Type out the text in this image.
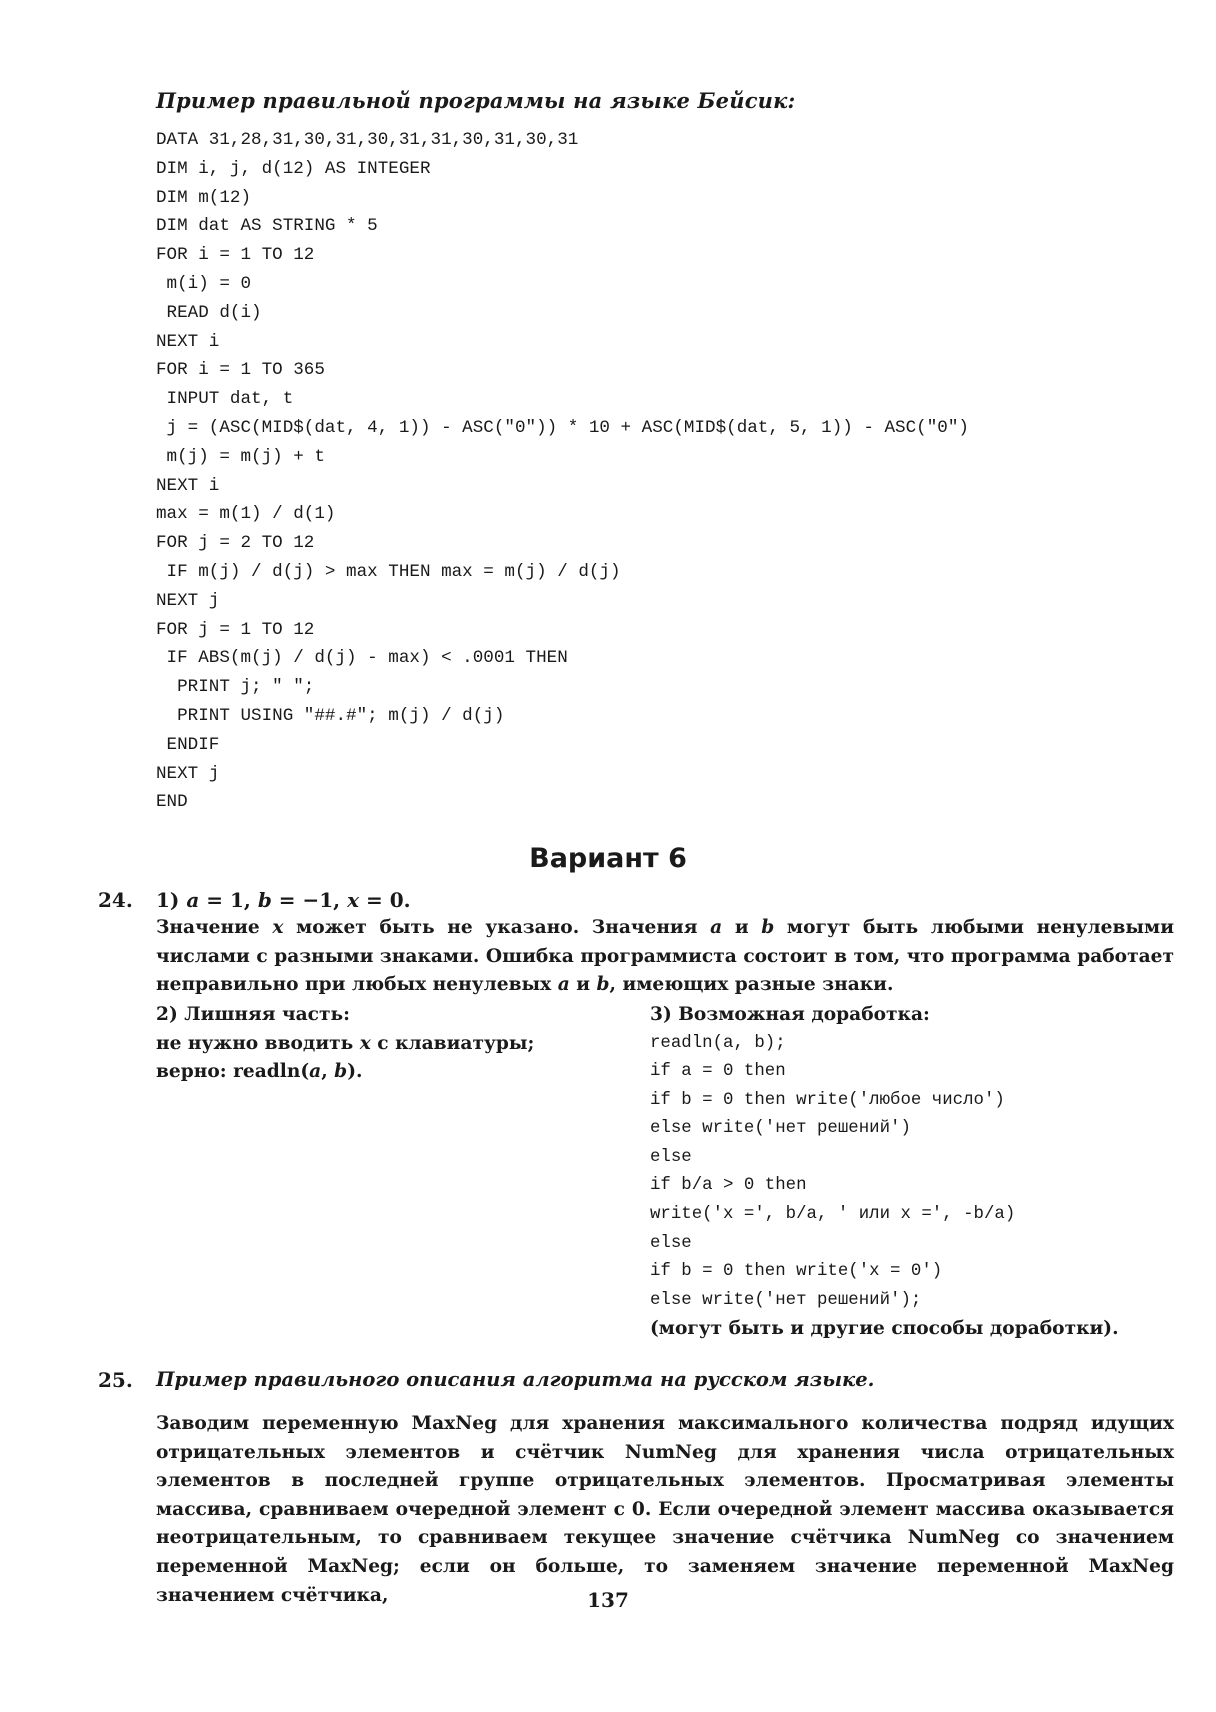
Пример правильной программы на языке Бейсик:
DATA 31,28,31,30,31,30,31,31,30,31,30,31
DIM i, j, d(12) AS INTEGER
DIM m(12)
DIM dat AS STRING * 5
FOR i = 1 TO 12
m(i) = 0
READ d(i)
NEXT i
FOR i = 1 TO 365
INPUT dat, t
j = (ASC(MID$(dat, 4, 1)) - ASC("0")) * 10 + ASC(MID$(dat, 5, 1)) - ASC("0")
m(j) = m(j) + t
NEXT i
max = m(1) / d(1)
FOR j = 2 TO 12
IF m(j) / d(j) > max THEN max = m(j) / d(j)
NEXT j
FOR j = 1 TO 12
IF ABS(m(j) / d(j) - max) < .0001 THEN
PRINT j; " ";
PRINT USING "##.#"; m(j) / d(j)
ENDIF
NEXT j
END
Вариант 6
24. 1) a = 1, b = −1, x = 0.

Значение x может быть не указано. Значения a и b могут быть любыми ненулевыми числами с разными знаками. Ошибка программиста состоит в том, что программа работает неправильно при любых ненулевых a и b, имеющих разные знаки.

2) Лишняя часть:
не нужно вводить x с клавиатуры;
верно: readln(a, b).
3) Возможная доработка:
readln(a, b);
if a = 0 then
if b = 0 then write('любое число')
else write('нет решений')
else
if b/a > 0 then
write('x =', b/a, ' или x =', -b/a)
else
if b = 0 then write('x = 0')
else write('нет решений');
(могут быть и другие способы доработки).
25. Пример правильного описания алгоритма на русском языке.

Заводим переменную MaxNeg для хранения максимального количества подряд идущих отрицательных элементов и счётчик NumNeg для хранения числа отрицательных элементов в последней группе отрицательных элементов. Просматривая элементы массива, сравниваем очередной элемент с 0. Если очередной элемент массива оказывается неотрицательным, то сравниваем текущее значение счётчика NumNeg со значением переменной MaxNeg; если он больше, то заменяем значение переменной MaxNeg значением счётчика,	137
